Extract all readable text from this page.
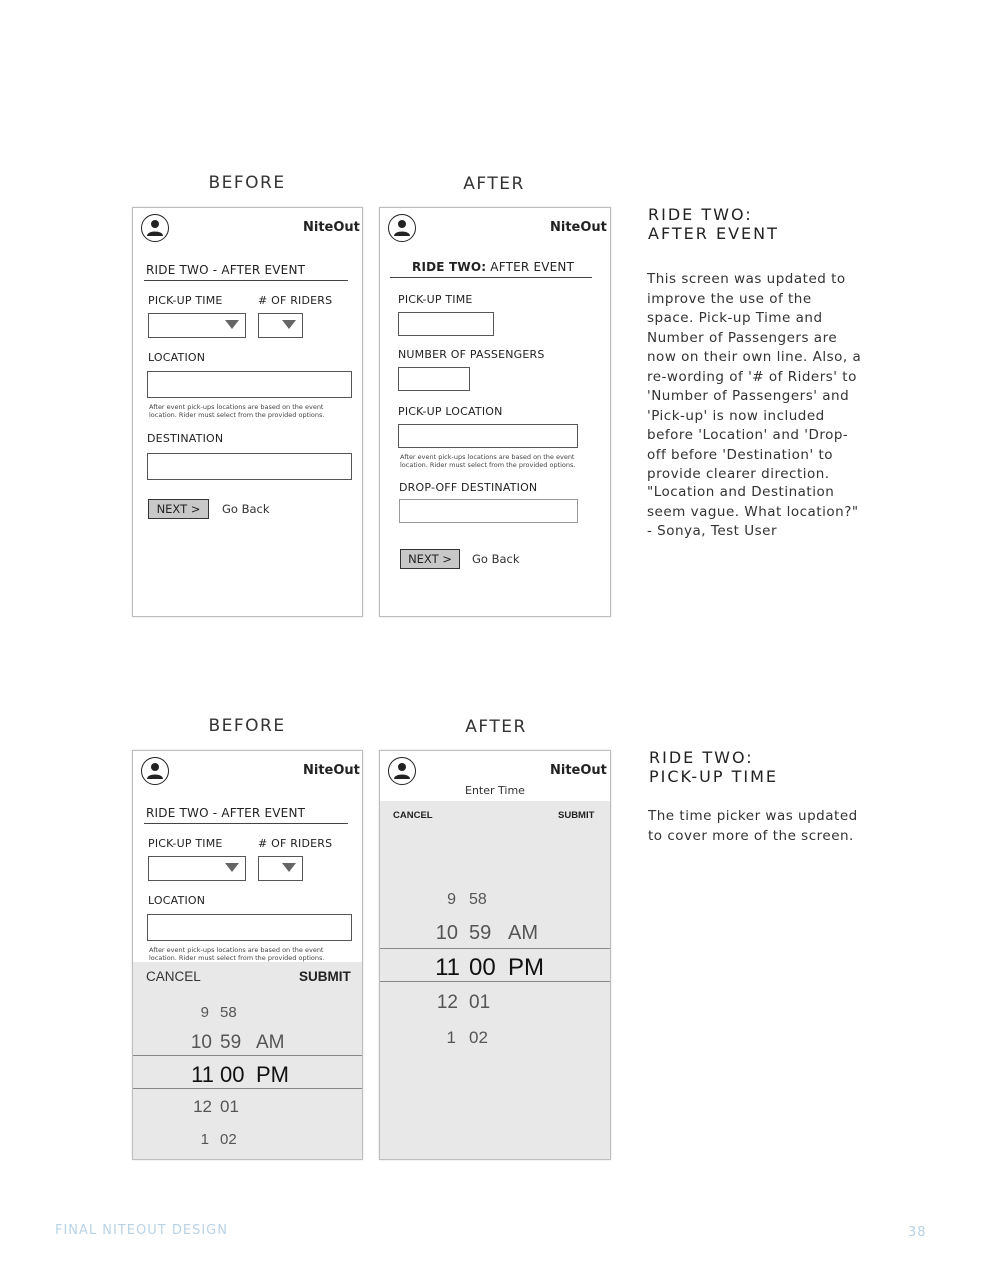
BEFORE	AFTER
NiteOut
RIDE TWO - AFTER EVENT
PICK-UP TIME	# OF RIDERS
LOCATION
After event pick-ups locations are based on the event location. Rider must select from the provided options.
DESTINATION
NEXT >	Go Back
NiteOut
RIDE TWO: AFTER EVENT
PICK-UP TIME
NUMBER OF PASSENGERS
PICK-UP LOCATION
After event pick-ups locations are based on the event location. Rider must select from the provided options.
DROP-OFF DESTINATION
NEXT >	Go Back
RIDE TWO:
AFTER EVENT
This screen was updated to improve the use of the space. Pick-up Time and Number of Passengers are now on their own line. Also, a re-wording of '# of Riders' to 'Number of Passengers' and 'Pick-up' is now included before 'Location' and 'Drop-off before 'Destination' to provide clearer direction.
"Location and Destination seem vague. What location?"
- Sonya, Test User
BEFORE	AFTER
NiteOut
RIDE TWO - AFTER EVENT
PICK-UP TIME	# OF RIDERS
LOCATION
After event pick-ups locations are based on the event location. Rider must select from the provided options.
CANCEL	SUBMIT
9 58
10 59 AM
11 00 PM
12 01
1 02
NiteOut
Enter Time
CANCEL	SUBMIT
9 58
10 59 AM
11 00 PM
12 01
1 02
RIDE TWO:
PICK-UP TIME
The time picker was updated to cover more of the screen.
FINAL NITEOUT DESIGN	38
